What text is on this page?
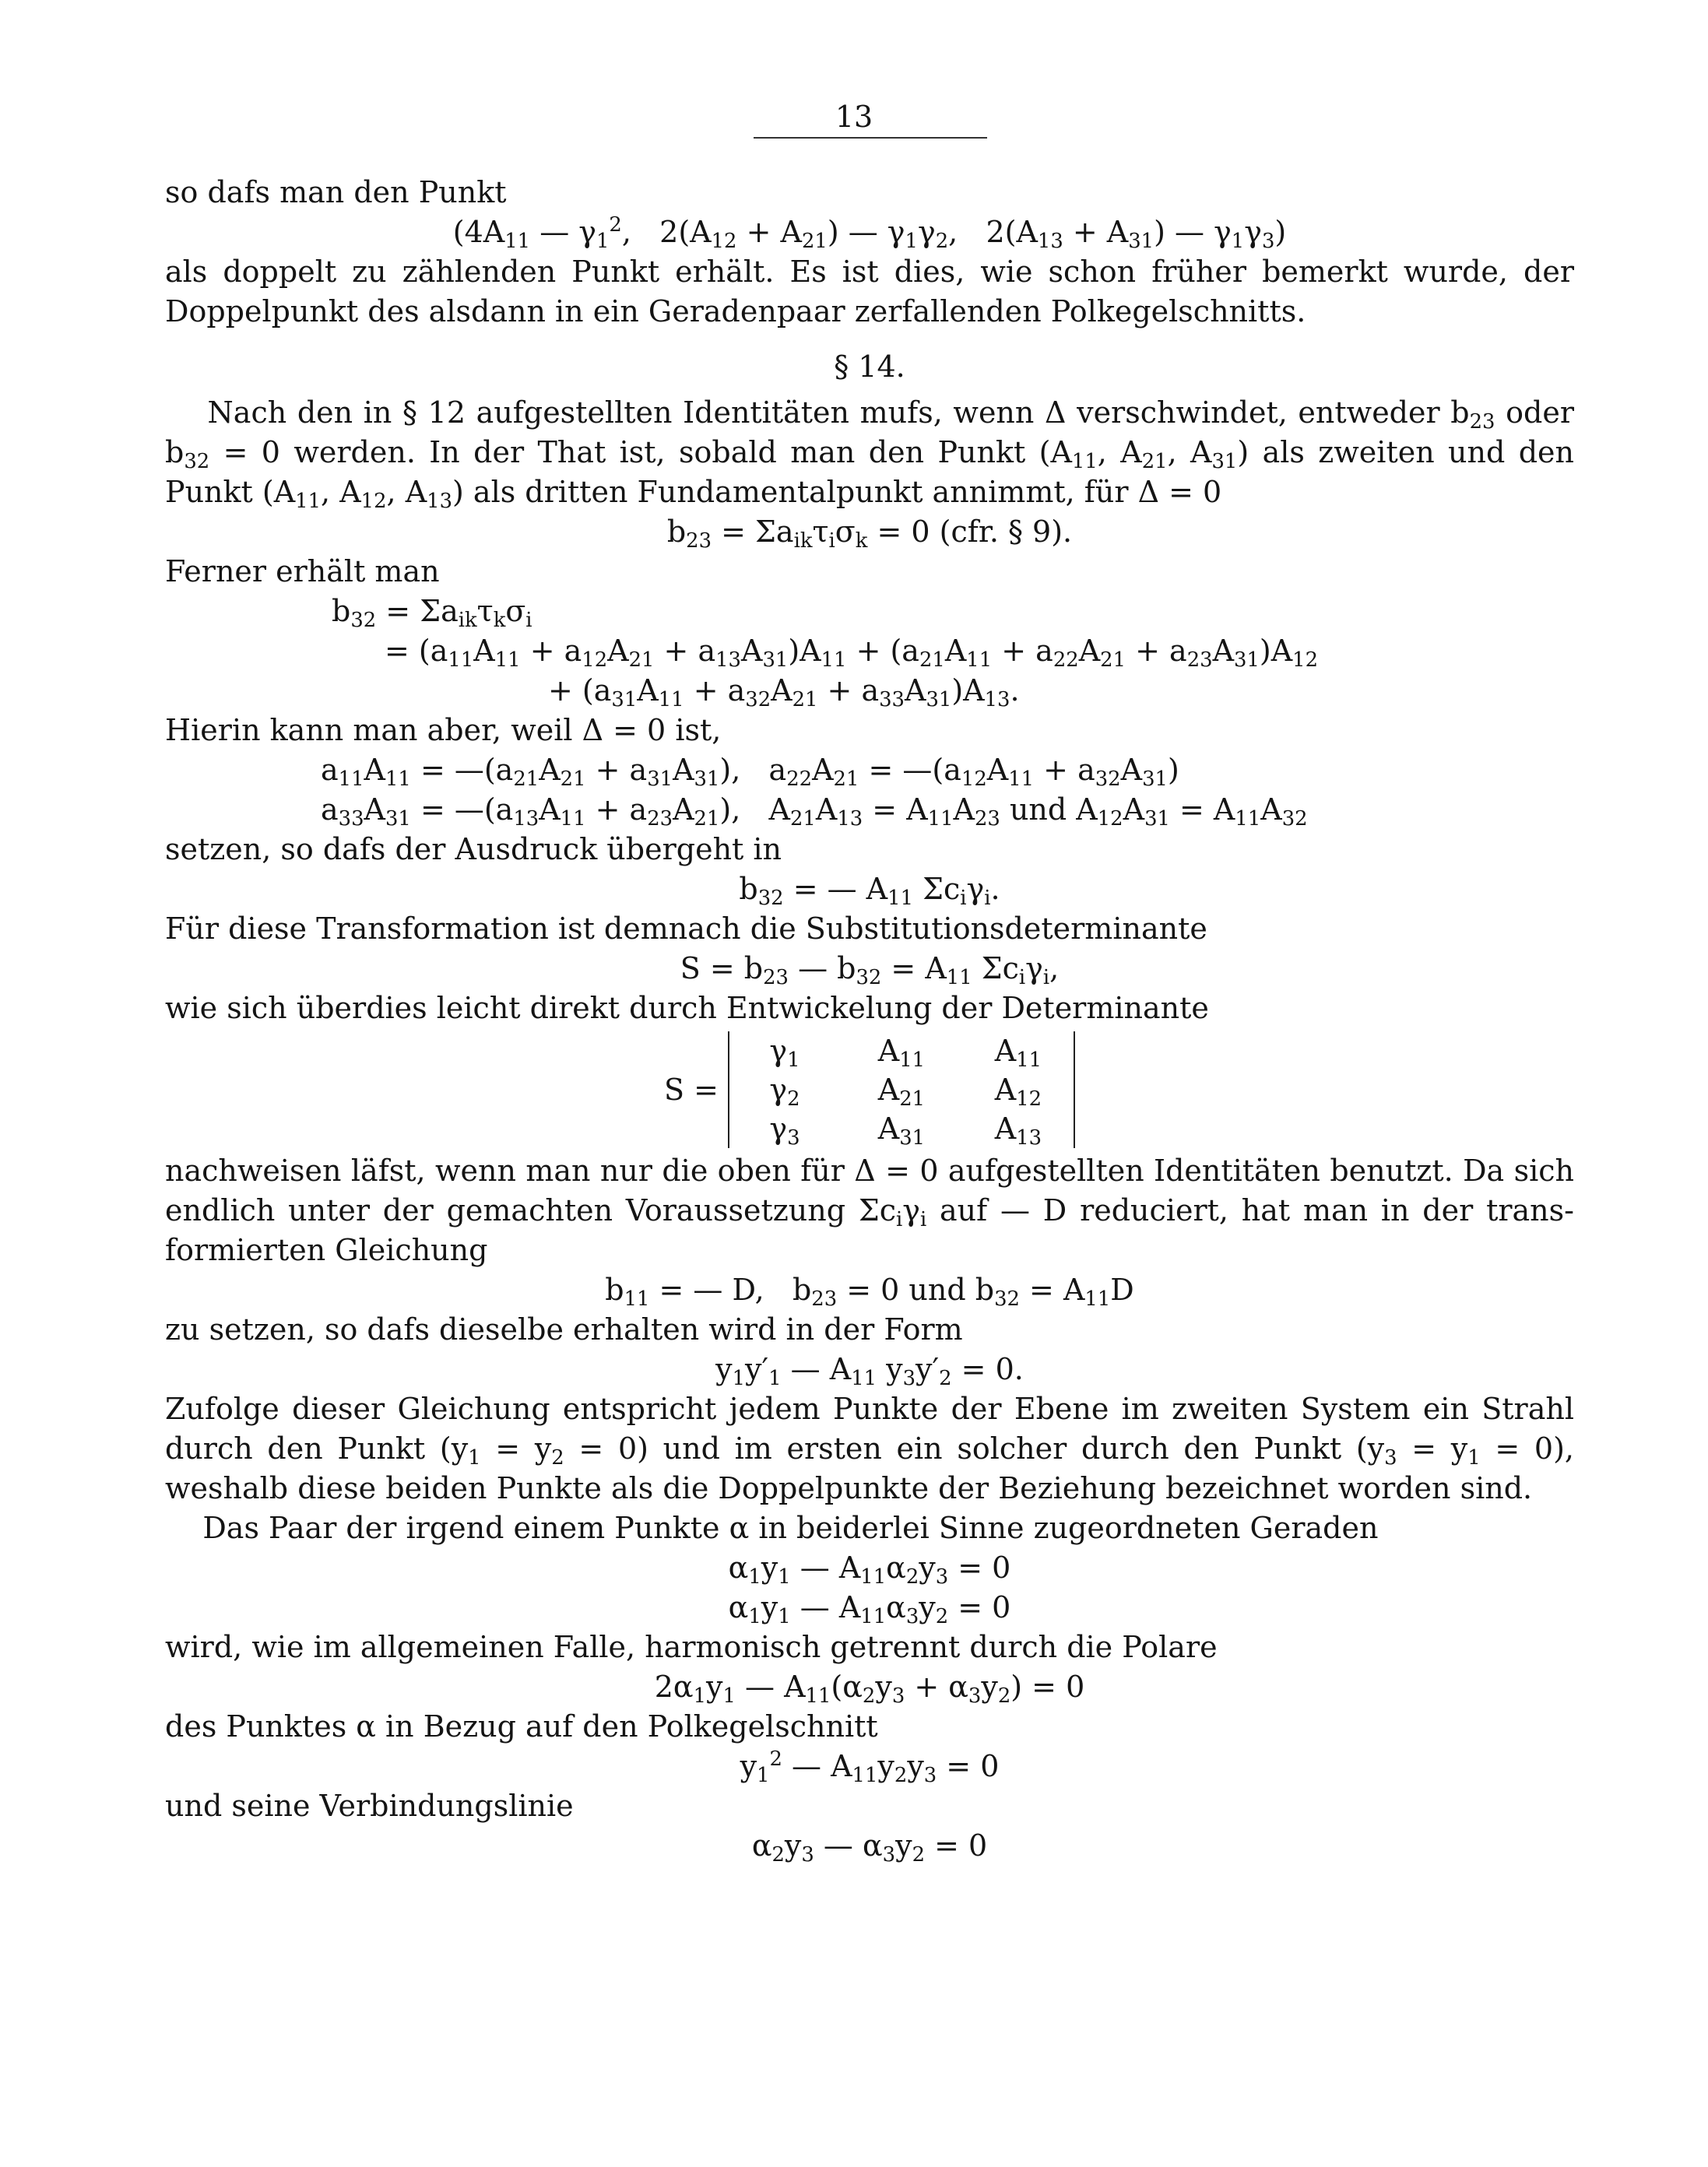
13
so dafs man den Punkt
($4A_{11}$ — $\gamma_1^2$,   $2(A_{12} + A_{21})$ — $\gamma_1\gamma_2$,   $2(A_{13} + A_{31})$ — $\gamma_1\gamma_3$)
als doppelt zu zählenden Punkt erhält. Es ist dies, wie schon früher bemerkt wurde, der
Doppelpunkt des alsdann in ein Geradenpaar zerfallenden Polkegelschnitts.
§ 14.
Nach den in § 12 aufgestellten Identitäten mufs, wenn Δ verschwindet, entweder $b_{23}$ oder
$b_{32} = 0$ werden. In der That ist, sobald man den Punkt ($A_{11}$, $A_{21}$, $A_{31}$) als zweiten und den
Punkt ($A_{11}$, $A_{12}$, $A_{13}$) als dritten Fundamentalpunkt annimmt, für Δ = 0
$b_{23} = \Sigma a_{ik}\tau_i\sigma_k = 0$ (cfr. § 9).
Ferner erhält man
$b_{32} = \Sigma a_{ik}\tau_k\sigma_i$
= $(a_{11}A_{11} + a_{12}A_{21} + a_{13}A_{31})A_{11} + (a_{21}A_{11} + a_{22}A_{21} + a_{23}A_{31})A_{12}$
+ $(a_{31}A_{11} + a_{32}A_{21} + a_{33}A_{31})A_{13}$.
Hierin kann man aber, weil Δ = 0 ist,
$a_{11}A_{11}$ = $—(a_{21}A_{21} + a_{31}A_{31})$,   $a_{22}A_{21}$ = $—(a_{12}A_{11} + a_{32}A_{31})$
$a_{33}A_{31}$ = $—(a_{13}A_{11} + a_{23}A_{21})$,   $A_{21}A_{13} = A_{11}A_{23}$ und $A_{12}A_{31} = A_{11}A_{32}$
setzen, so dafs der Ausdruck übergeht in
$b_{32}$ = — $A_{11}$ $\Sigma c_i\gamma_i$.
Für diese Transformation ist demnach die Substitutionsdeterminante
$S = b_{23}$ — $b_{32} = A_{11}$ $\Sigma c_i\gamma_i$,
wie sich überdies leicht direkt durch Entwickelung der Determinante
S =
$\gamma_1$	$A_{11}$	$A_{11}$
$\gamma_2$	$A_{21}$	$A_{12}$
$\gamma_3$	$A_{31}$	$A_{13}$
nachweisen läfst, wenn man nur die oben für Δ = 0 aufgestellten Identitäten benutzt. Da sich
endlich unter der gemachten Voraussetzung $\Sigma c_i\gamma_i$ auf — D reduciert, hat man in der trans-
formierten Gleichung
$b_{11}$ = — D,   $b_{23} = 0$ und $b_{32} = A_{11}D$
zu setzen, so dafs dieselbe erhalten wird in der Form
$y_1y'_1$ — $A_{11}$ $y_3y'_2 = 0$.
Zufolge dieser Gleichung entspricht jedem Punkte der Ebene im zweiten System ein Strahl
durch den Punkt $(y_1 = y_2 = 0)$ und im ersten ein solcher durch den Punkt $(y_3 = y_1 = 0)$,
weshalb diese beiden Punkte als die Doppelpunkte der Beziehung bezeichnet worden sind.
Das Paar der irgend einem Punkte α in beiderlei Sinne zugeordneten Geraden
$\alpha_1y_1$ — $A_{11}\alpha_2y_3 = 0$
$\alpha_1y_1$ — $A_{11}\alpha_3y_2 = 0$
wird, wie im allgemeinen Falle, harmonisch getrennt durch die Polare
$2\alpha_1y_1$ — $A_{11}(\alpha_2y_3 + \alpha_3y_2) = 0$
des Punktes α in Bezug auf den Polkegelschnitt
$y_1^2$ — $A_{11}y_2y_3 = 0$
und seine Verbindungslinie
$\alpha_2y_3$ — $\alpha_3y_2 = 0$
